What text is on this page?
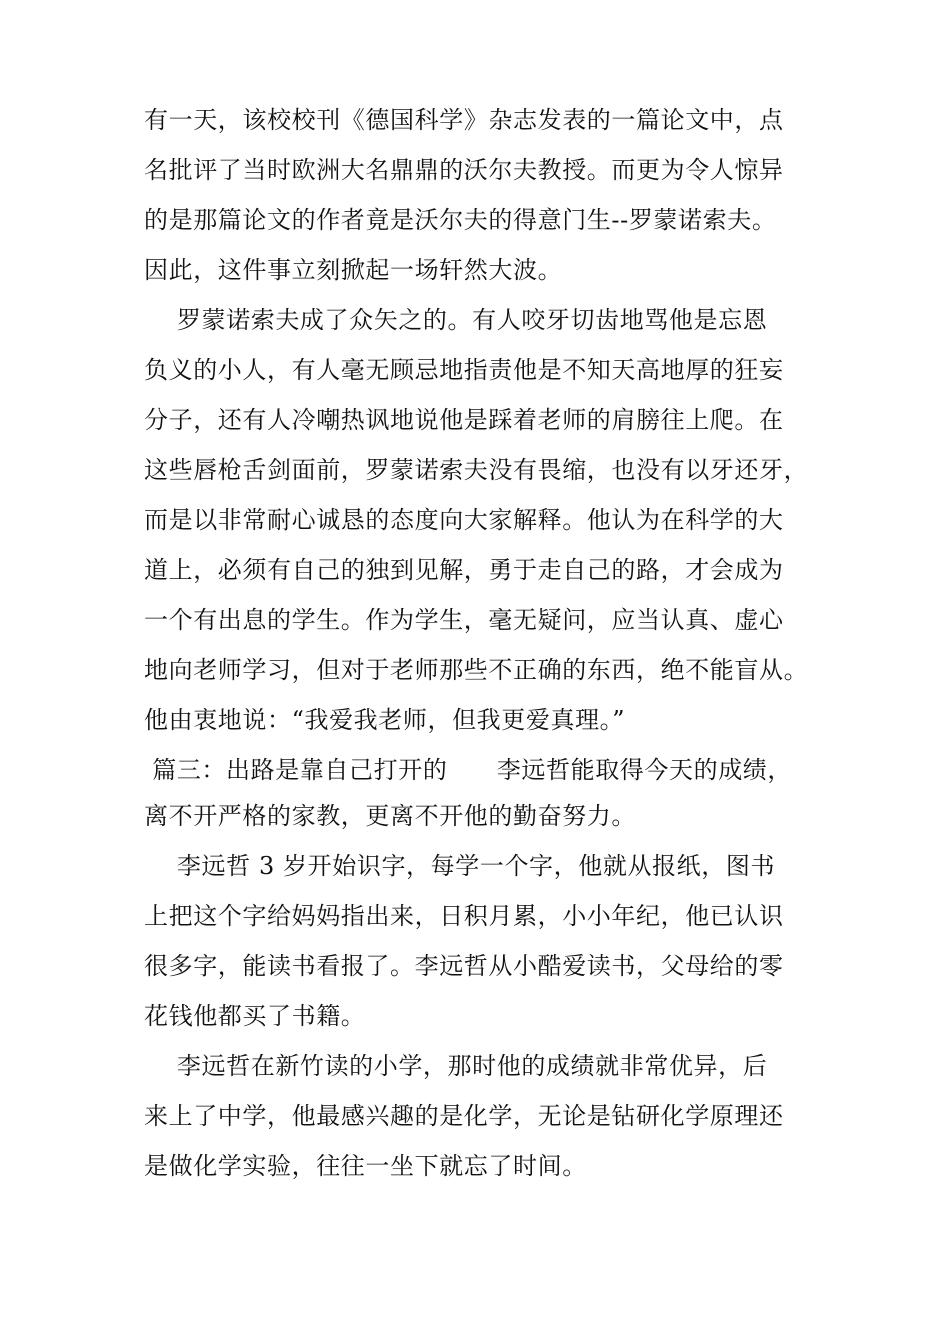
有一天，该校校刊《德国科学》杂志发表的一篇论文中，点
名批评了当时欧洲大名鼎鼎的沃尔夫教授。而更为令人惊异
的是那篇论文的作者竟是沃尔夫的得意门生--罗蒙诺索夫。
因此，这件事立刻掀起一场轩然大波。
罗蒙诺索夫成了众矢之的。有人咬牙切齿地骂他是忘恩
负义的小人，有人毫无顾忌地指责他是不知天高地厚的狂妄
分子，还有人冷嘲热讽地说他是踩着老师的肩膀往上爬。在
这些唇枪舌剑面前，罗蒙诺索夫没有畏缩，也没有以牙还牙，
而是以非常耐心诚恳的态度向大家解释。他认为在科学的大
道上，必须有自己的独到见解，勇于走自己的路，才会成为
一个有出息的学生。作为学生，毫无疑问，应当认真、虚心
地向老师学习，但对于老师那些不正确的东西，绝不能盲从。
他由衷地说：“我爱我老师，但我更爱真理。”
篇三：出路是靠自己打开的      李远哲能取得今天的成绩，
离不开严格的家教，更离不开他的勤奋努力。
李远哲 3 岁开始识字，每学一个字，他就从报纸，图书
上把这个字给妈妈指出来，日积月累，小小年纪，他已认识
很多字，能读书看报了。李远哲从小酷爱读书，父母给的零
花钱他都买了书籍。
李远哲在新竹读的小学，那时他的成绩就非常优异，后
来上了中学，他最感兴趣的是化学，无论是钻研化学原理还
是做化学实验，往往一坐下就忘了时间。
